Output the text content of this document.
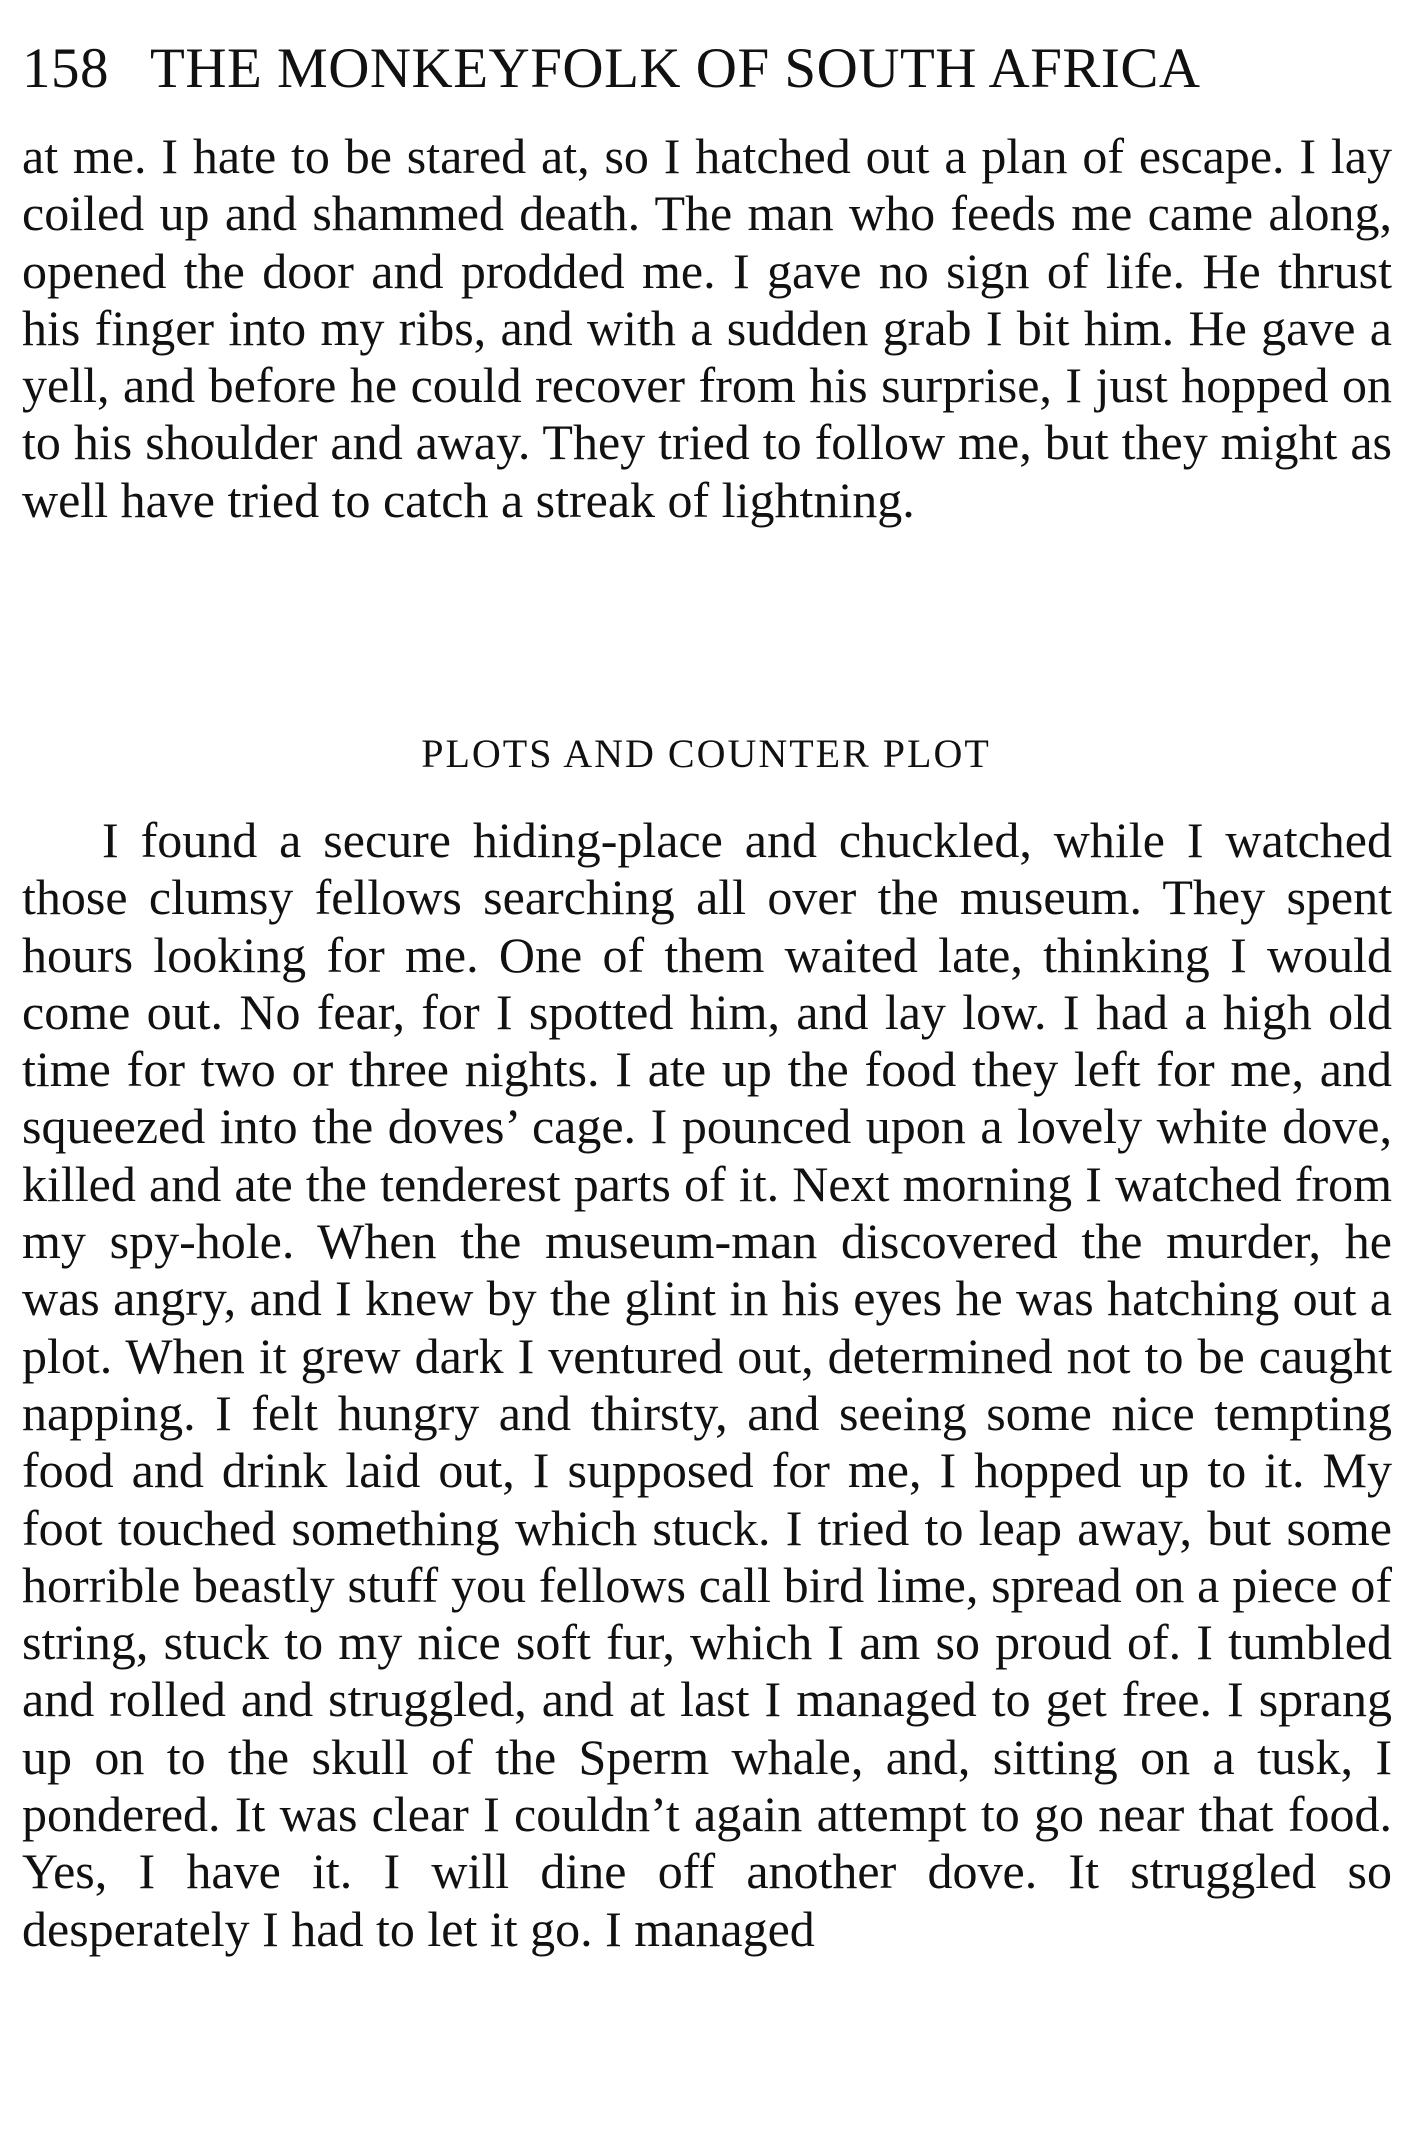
158 THE MONKEYFOLK OF SOUTH AFRICA

at me. I hate to be stared at, so I hatched out a plan of escape. I lay coiled up and shammed death. The man who feeds me came along, opened the door and prodded me. I gave no sign of life. He thrust his finger into my ribs, and with a sudden grab I bit him. He gave a yell, and before he could recover from his surprise, I just hopped on to his shoulder and away. They tried to follow me, but they might as well have tried to catch a streak of lightning.

PLOTS AND COUNTER PLOT

I found a secure hiding-place and chuckled, while I watched those clumsy fellows searching all over the museum. They spent hours looking for me. One of them waited late, thinking I would come out. No fear, for I spotted him, and lay low. I had a high old time for two or three nights. I ate up the food they left for me, and squeezed into the doves’ cage. I pounced upon a lovely white dove, killed and ate the tenderest parts of it. Next morning I watched from my spy-hole. When the museum-man discovered the murder, he was angry, and I knew by the glint in his eyes he was hatching out a plot. When it grew dark I ventured out, determined not to be caught napping. I felt hungry and thirsty, and seeing some nice tempting food and drink laid out, I supposed for me, I hopped up to it. My foot touched something which stuck. I tried to leap away, but some horrible beastly stuff you fellows call bird lime, spread on a piece of string, stuck to my nice soft fur, which I am so proud of. I tumbled and rolled and struggled, and at last I managed to get free. I sprang up on to the skull of the Sperm whale, and, sitting on a tusk, I pondered. It was clear I couldn’t again attempt to go near that food. Yes, I have it. I will dine off another dove. It struggled so desperately I had to let it go. I managed
